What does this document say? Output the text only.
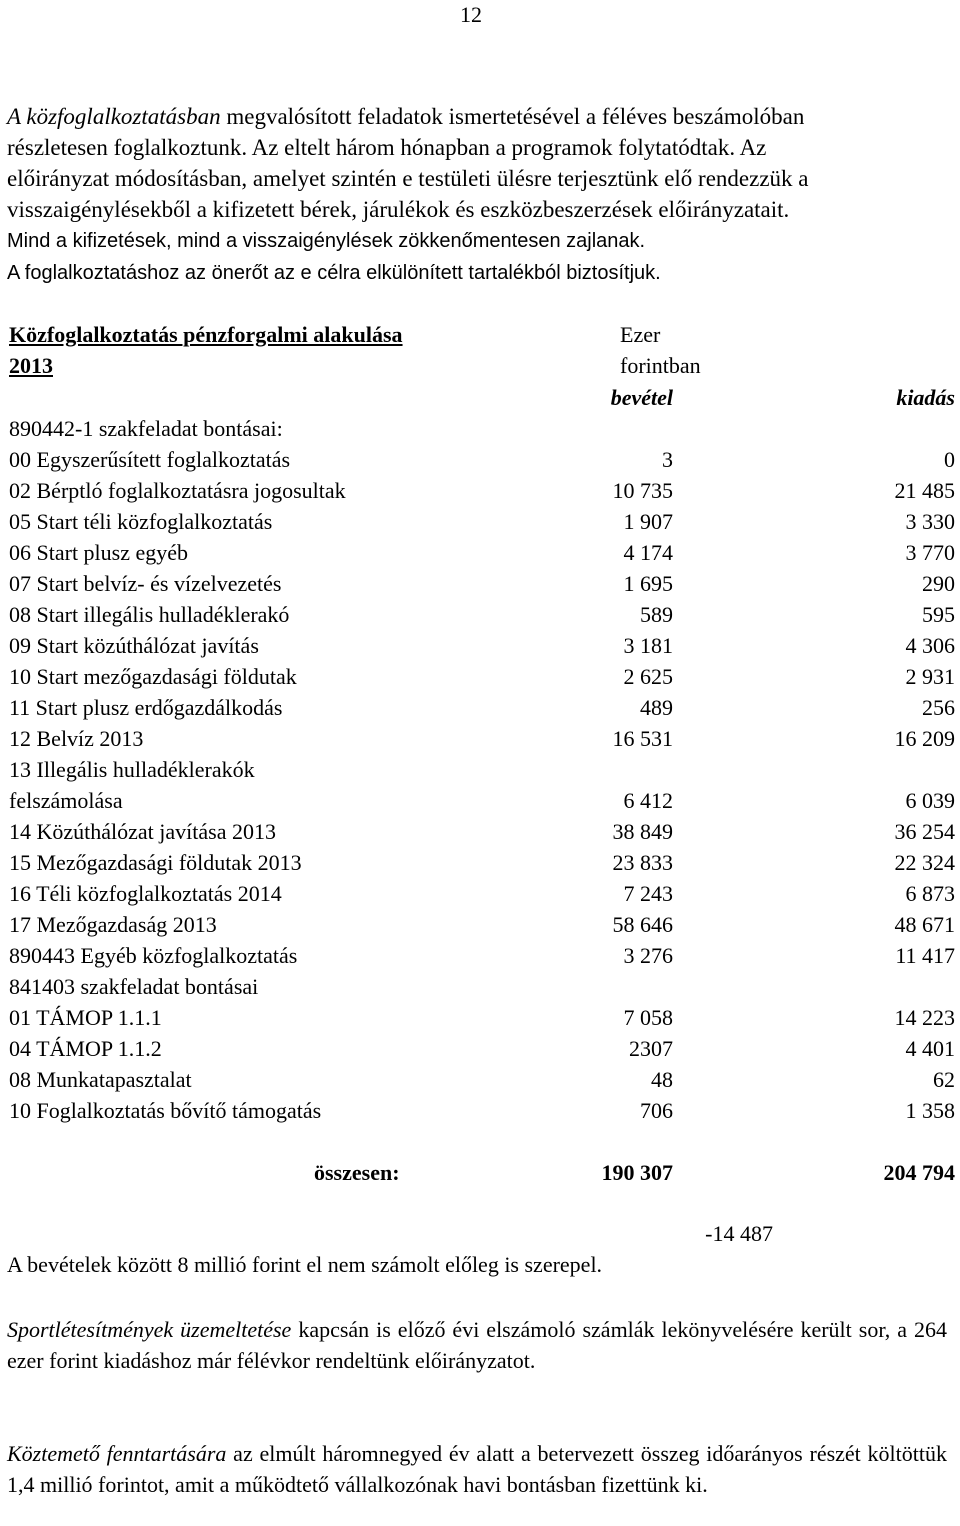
12
A közfoglalkoztatásban megvalósított feladatok ismertetésével a féléves beszámolóban
részletesen foglalkoztunk. Az eltelt három hónapban a programok folytatódtak. Az
előirányzat módosításban, amelyet szintén e testületi ülésre terjesztünk elő rendezzük a
visszaigénylésekből a kifizetett bérek, járulékok és eszközbeszerzések előirányzatait.
Mind a kifizetések, mind a visszaigénylések zökkenőmentesen zajlanak.
A foglalkoztatáshoz az önerőt az e célra elkülönített tartalékból biztosítjuk.
Közfoglalkoztatás pénzforgalmi alakulása
2013
Ezer
forintban
bevétel	kiadás
890442-1 szakfeladat bontásai:
00 Egyszerűsített foglalkoztatás	3	0
02 Bérptló foglalkoztatásra jogosultak	10 735	21 485
05 Start téli közfoglalkoztatás	1 907	3 330
06 Start plusz egyéb	4 174	3 770
07 Start belvíz- és vízelvezetés	1 695	290
08 Start illegális hulladéklerakó	589	595
09 Start közúthálózat javítás	3 181	4 306
10 Start mezőgazdasági földutak	2 625	2 931
11 Start plusz erdőgazdálkodás	489	256
12 Belvíz 2013	16 531	16 209
13 Illegális hulladéklerakók
felszámolása	6 412	6 039
14 Közúthálózat javítása 2013	38 849	36 254
15 Mezőgazdasági földutak 2013	23 833	22 324
16 Téli közfoglalkoztatás 2014	7 243	6 873
17 Mezőgazdaság 2013	58 646	48 671
890443 Egyéb közfoglalkoztatás	3 276	11 417
841403 szakfeladat bontásai
01 TÁMOP 1.1.1	7 058	14 223
04 TÁMOP 1.1.2	2307	4 401
08 Munkatapasztalat	48	62
10 Foglalkoztatás bővítő támogatás	706	1 358
összesen:	190 307	204 794
-14 487
A bevételek között 8 millió forint el nem számolt előleg is szerepel.
Sportlétesítmények üzemeltetése kapcsán is előző évi elszámoló számlák lekönyvelésére került sor, a 264 ezer forint kiadáshoz már félévkor rendeltünk előirányzatot.
Köztemető fenntartására az elmúlt háromnegyed év alatt a betervezett összeg időarányos részét költöttük 1,4 millió forintot, amit a működtető vállalkozónak havi bontásban fizettünk ki.
